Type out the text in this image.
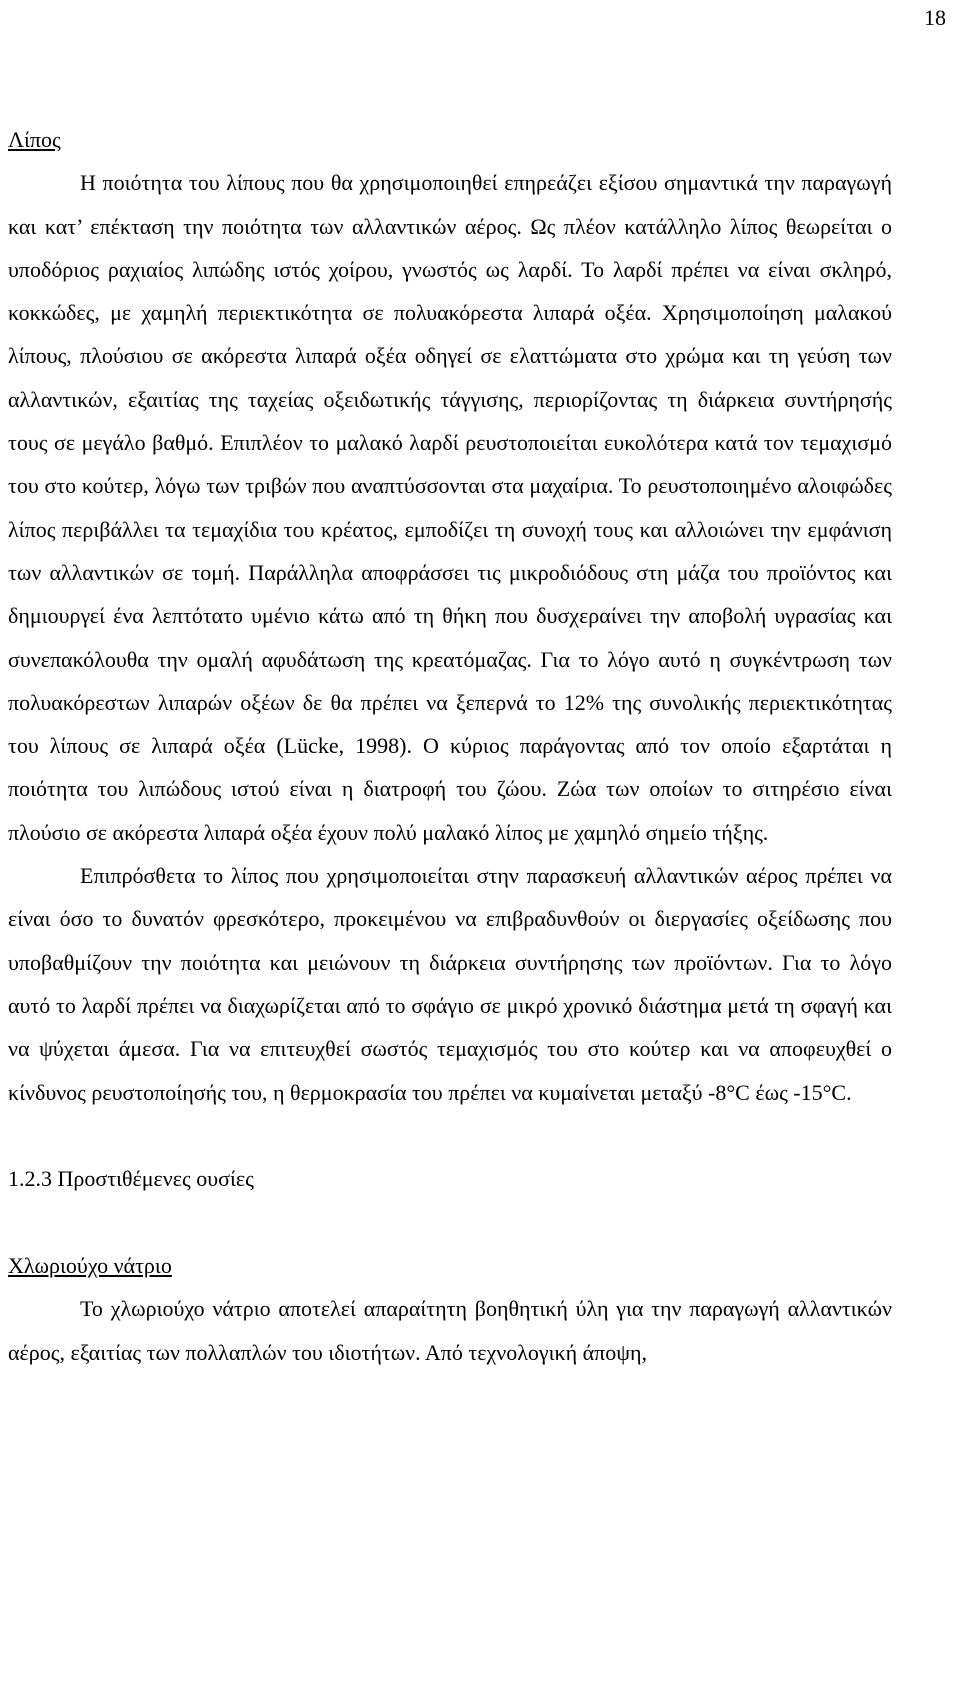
18

Λίπος

Η ποιότητα του λίπους που θα χρησιμοποιηθεί επηρεάζει εξίσου σημαντικά την παραγωγή και κατ’ επέκταση την ποιότητα των αλλαντικών αέρος. Ως πλέον κατάλληλο λίπος θεωρείται ο υποδόριος ραχιαίος λιπώδης ιστός χοίρου, γνωστός ως λαρδί. Το λαρδί πρέπει να είναι σκληρό, κοκκώδες, με χαμηλή περιεκτικότητα σε πολυακόρεστα λιπαρά οξέα. Χρησιμοποίηση μαλακού λίπους, πλούσιου σε ακόρεστα λιπαρά οξέα οδηγεί σε ελαττώματα στο χρώμα και τη γεύση των αλλαντικών, εξαιτίας της ταχείας οξειδωτικής τάγγισης, περιορίζοντας τη διάρκεια συντήρησής τους σε μεγάλο βαθμό. Επιπλέον το μαλακό λαρδί ρευστοποιείται ευκολότερα κατά τον τεμαχισμό του στο κούτερ, λόγω των τριβών που αναπτύσσονται στα μαχαίρια. Το ρευστοποιημένο αλοιφώδες λίπος περιβάλλει τα τεμαχίδια του κρέατος, εμποδίζει τη συνοχή τους και αλλοιώνει την εμφάνιση των αλλαντικών σε τομή. Παράλληλα αποφράσσει τις μικροδιόδους στη μάζα του προϊόντος και δημιουργεί ένα λεπτότατο υμένιο κάτω από τη θήκη που δυσχεραίνει την αποβολή υγρασίας και συνεπακόλουθα την ομαλή αφυδάτωση της κρεατόμαζας. Για το λόγο αυτό η συγκέντρωση των πολυακόρεστων λιπαρών οξέων δε θα πρέπει να ξεπερνά το 12% της συνολικής περιεκτικότητας του λίπους σε λιπαρά οξέα (Lücke, 1998). Ο κύριος παράγοντας από τον οποίο εξαρτάται η ποιότητα του λιπώδους ιστού είναι η διατροφή του ζώου. Ζώα των οποίων το σιτηρέσιο είναι πλούσιο σε ακόρεστα λιπαρά οξέα έχουν πολύ μαλακό λίπος με χαμηλό σημείο τήξης.

Επιπρόσθετα το λίπος που χρησιμοποιείται στην παρασκευή αλλαντικών αέρος πρέπει να είναι όσο το δυνατόν φρεσκότερο, προκειμένου να επιβραδυνθούν οι διεργασίες οξείδωσης που υποβαθμίζουν την ποιότητα και μειώνουν τη διάρκεια συντήρησης των προϊόντων. Για το λόγο αυτό το λαρδί πρέπει να διαχωρίζεται από το σφάγιο σε μικρό χρονικό διάστημα μετά τη σφαγή και να ψύχεται άμεσα. Για να επιτευχθεί σωστός τεμαχισμός του στο κούτερ και να αποφευχθεί ο κίνδυνος ρευστοποίησής του, η θερμοκρασία του πρέπει να κυμαίνεται μεταξύ -8°C έως -15°C.

1.2.3 Προστιθέμενες ουσίες

Χλωριούχο νάτριο

Το χλωριούχο νάτριο αποτελεί απαραίτητη βοηθητική ύλη για την παραγωγή αλλαντικών αέρος, εξαιτίας των πολλαπλών του ιδιοτήτων. Από τεχνολογική άποψη,
